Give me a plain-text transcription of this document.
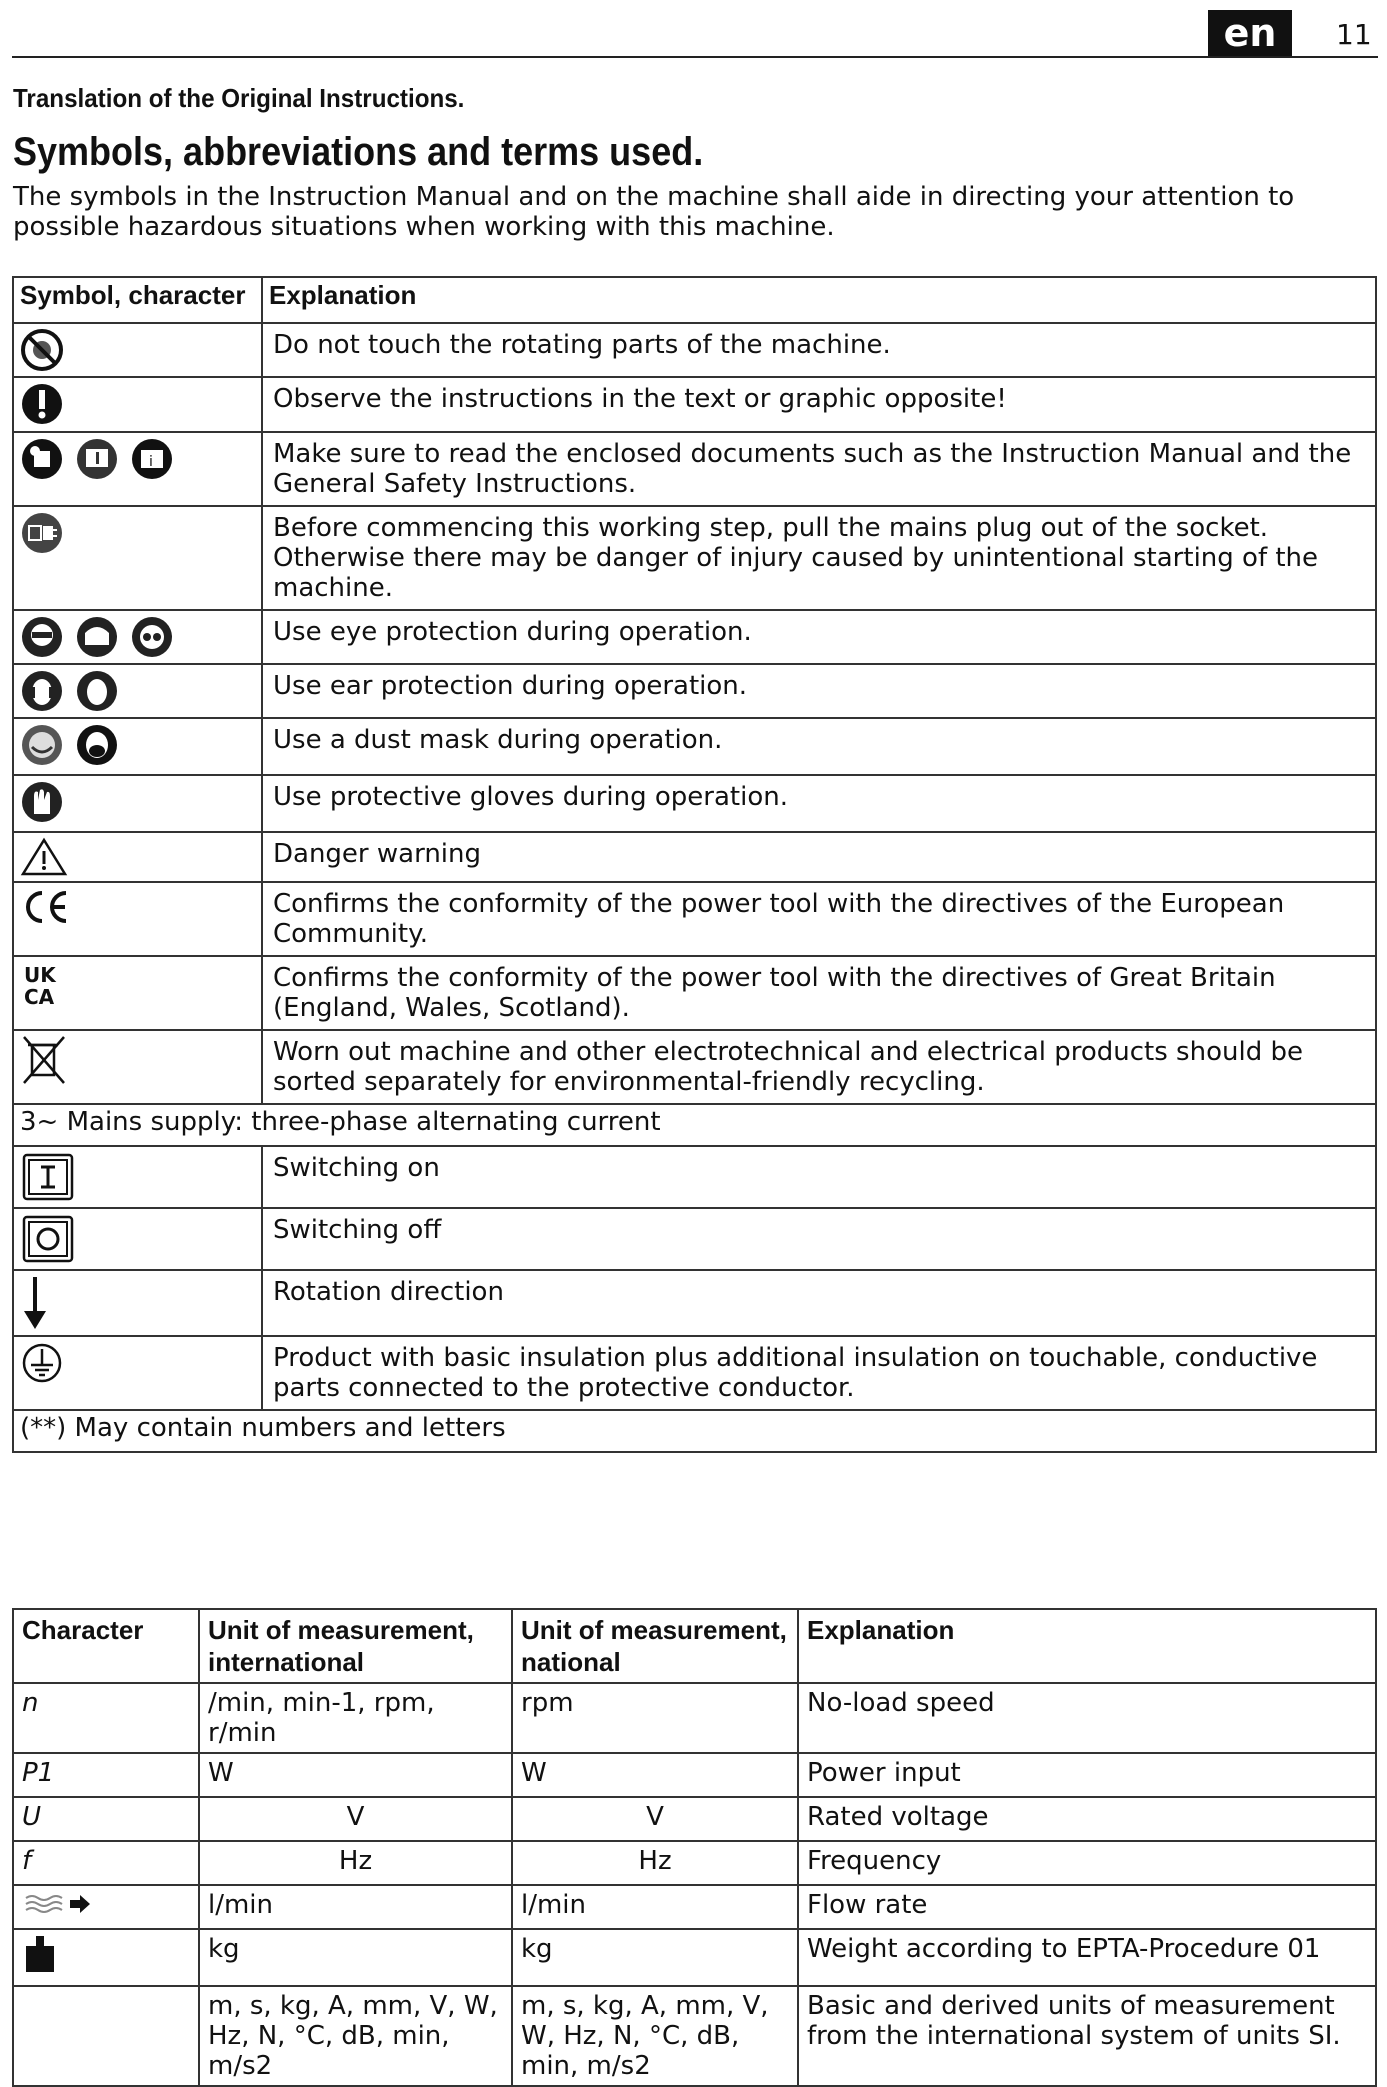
en	11
Translation of the Original Instructions.
Symbols, abbreviations and terms used.
The symbols in the Instruction Manual and on the machine shall aide in directing your attention to possible hazardous situations when working with this machine.
Symbol, character	Explanation
	Do not touch the rotating parts of the machine.
	Observe the instructions in the text or graphic opposite!

i	Make sure to read the enclosed documents such as the Instruction Manual and the General Safety Instructions.
	Before commencing this working step, pull the mains plug out of the socket. Otherwise there may be danger of injury caused by unintentional starting of the machine.
	Use eye protection during operation.
	Use ear protection during operation.
	Use a dust mask during operation.
	Use protective gloves during operation.
	Danger warning
	Confirms the conformity of the power tool with the directives of the European Community.

UK
CA	Confirms the conformity of the power tool with the directives of Great Britain (England, Wales, Scotland).
	Worn out machine and other electrotechnical and electrical products should be sorted separately for environmental-friendly recycling.
3~ Mains supply: three-phase alternating current	
	Switching on
	Switching off
	Rotation direction
	Product with basic insulation plus additional insulation on touchable, conductive parts connected to the protective conductor.
(**) May contain numbers and letters	
Character	Unit of measurement, international	Unit of measurement, national	Explanation
n	/min, min-1, rpm, r/min	rpm	No-load speed
P1	W	W	Power input
U	V	V	Rated voltage
f	Hz	Hz	Frequency
	l/min	l/min	Flow rate
	kg	kg	Weight according to EPTA-Procedure 01
	m, s, kg, A, mm, V, W, Hz, N, °C, dB, min, m/s2	m, s, kg, A, mm, V, W, Hz, N, °C, dB, min, m/s2	Basic and derived units of measurement from the international system of units SI.
